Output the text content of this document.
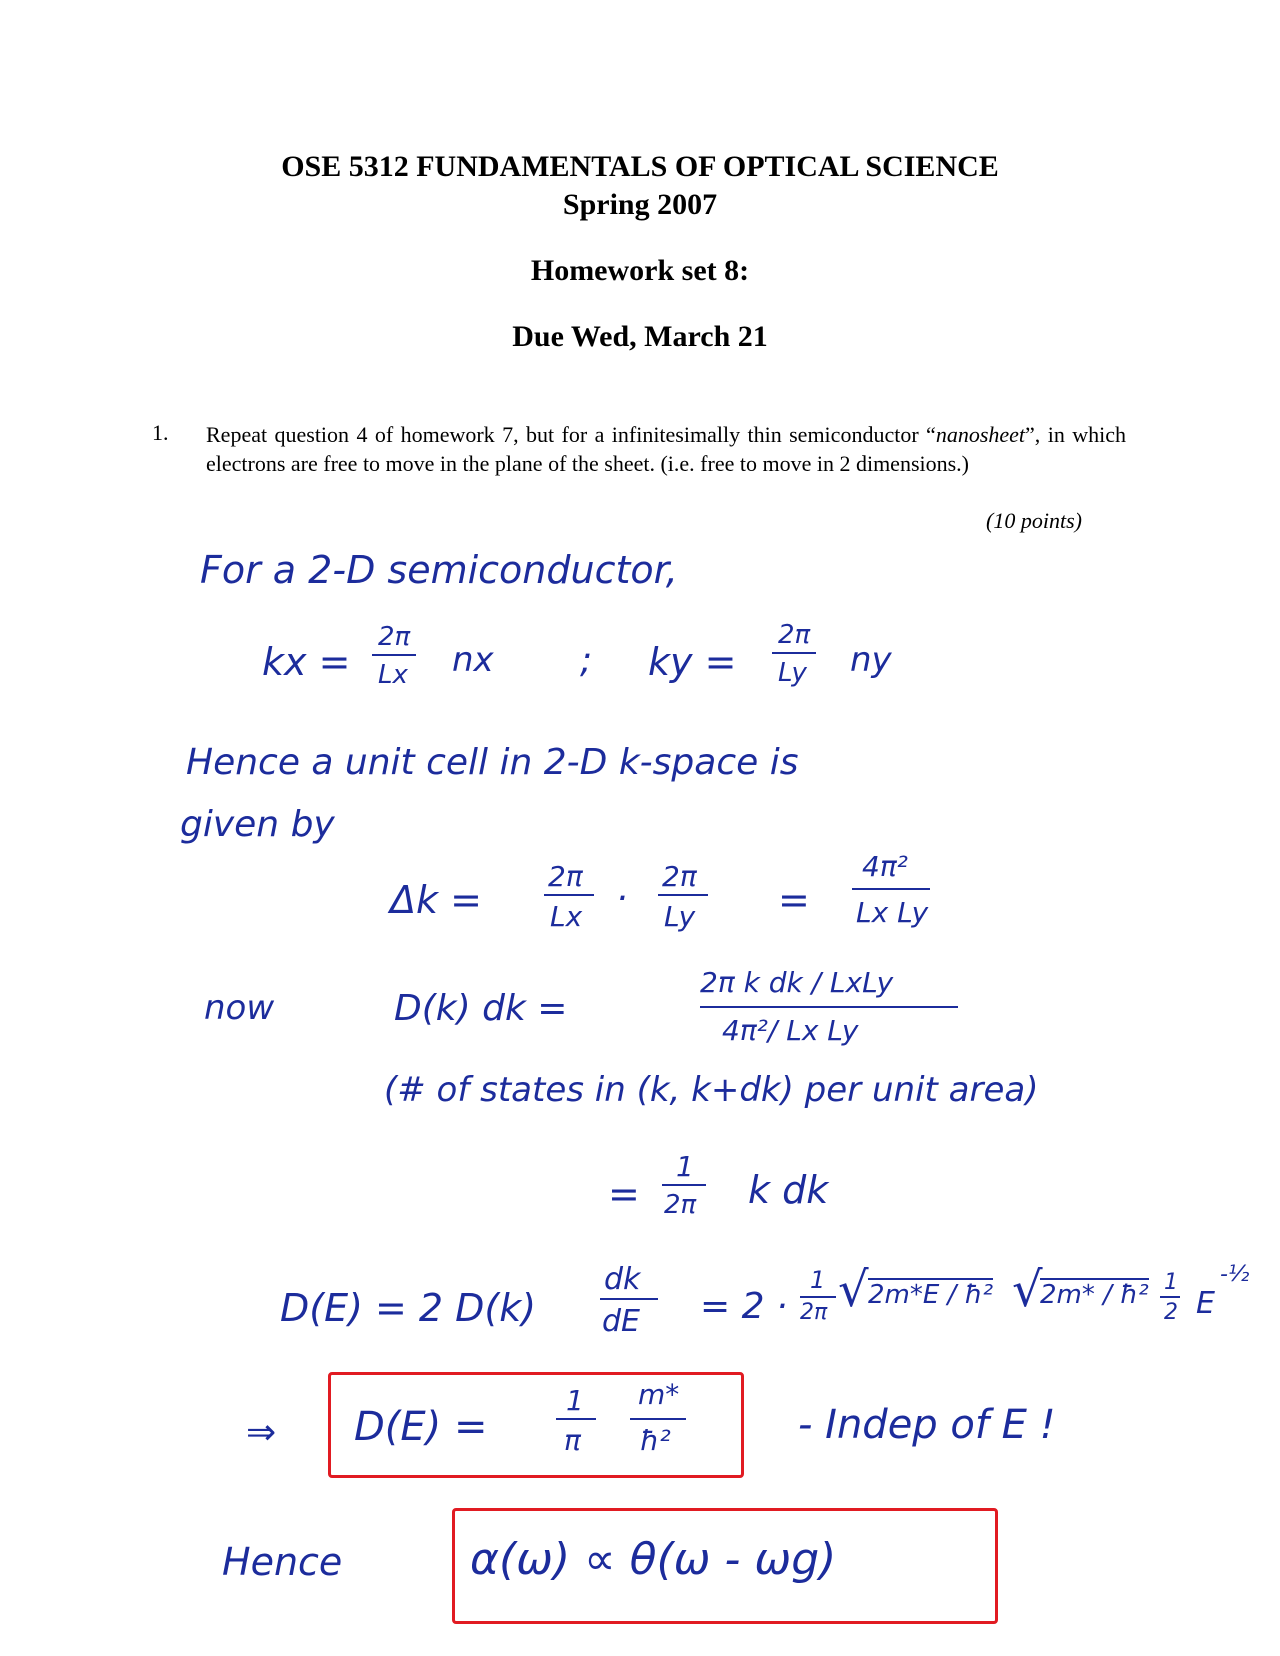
OSE 5312 FUNDAMENTALS OF OPTICAL SCIENCE
Spring 2007
Homework set 8:
Due Wed, March 21
1. Repeat question 4 of homework 7, but for a infinitesimally thin semiconductor “nanosheet”, in which electrons are free to move in the plane of the sheet. (i.e. free to move in 2 dimensions.)
(10 points)
For a 2-D semiconductor,
kx =
2π
Lx nx ; ky =
2π
Ly ny
Hence a unit cell in 2-D k-space is
given by
Δk =
2π
Lx ·
2π
Ly =
4π²
Lx Ly
now	D(k) dk =
2π k dk / LxLy
4π²/ Lx Ly
(# of states in (k, k+dk) per unit area)
=
1
2π k dk
D(E) = 2 D(k)
dk
dE = 2 ·
1
2π √ 2m*E / ħ² √
2m* / ħ² 1
2 E
-½
⇒ D(E) =
1
π
m*
ħ²	- Indep of E !
Hence	α(ω) ∝ θ(ω - ωg)
